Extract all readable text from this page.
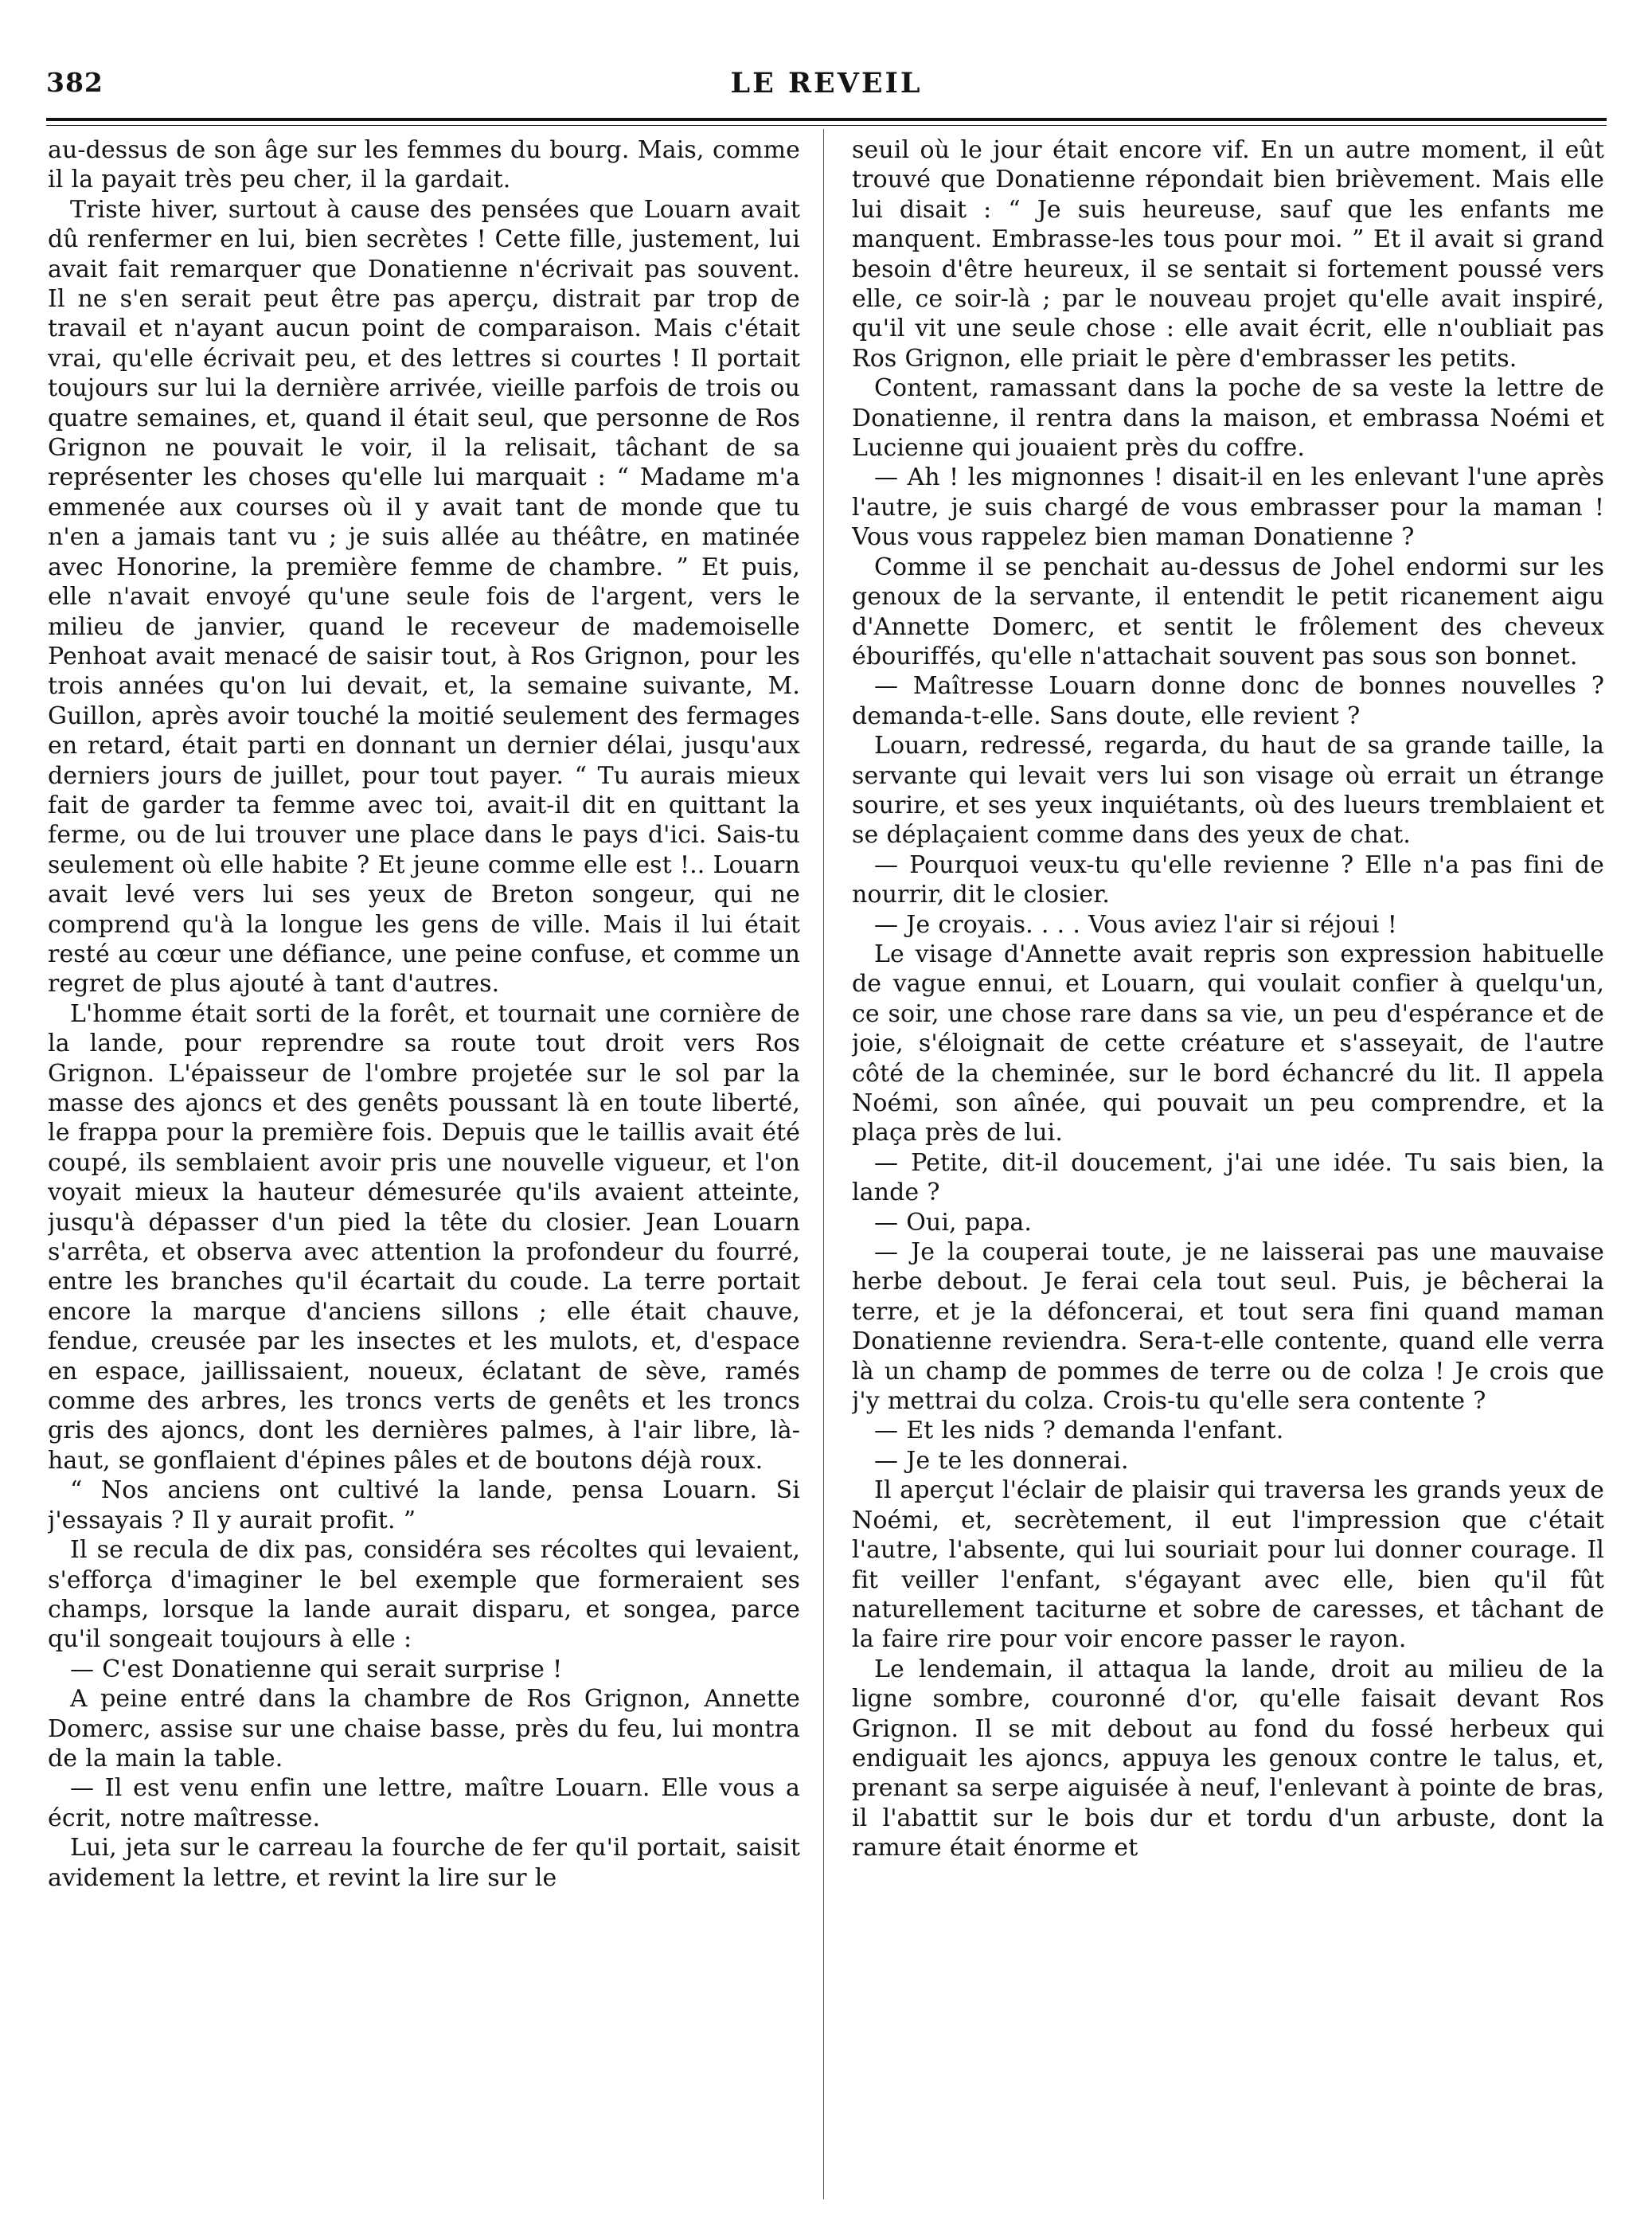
382	LE REVEIL

au-dessus de son âge sur les femmes du bourg. Mais, comme il la payait très peu cher, il la gardait.

Triste hiver, surtout à cause des pensées que Louarn avait dû renfermer en lui, bien secrètes ! Cette fille, justement, lui avait fait remarquer que Donatienne n'écrivait pas souvent. Il ne s'en serait peut être pas aperçu, distrait par trop de travail et n'ayant aucun point de comparaison. Mais c'était vrai, qu'elle écrivait peu, et des lettres si courtes ! Il portait toujours sur lui la dernière arrivée, vieille parfois de trois ou quatre semaines, et, quand il était seul, que personne de Ros Grignon ne pouvait le voir, il la relisait, tâchant de sa représenter les choses qu'elle lui marquait : “ Madame m'a emmenée aux courses où il y avait tant de monde que tu n'en a jamais tant vu ; je suis allée au théâtre, en matinée avec Honorine, la première femme de chambre. ” Et puis, elle n'avait envoyé qu'une seule fois de l'argent, vers le milieu de janvier, quand le receveur de mademoiselle Penhoat avait menacé de saisir tout, à Ros Grignon, pour les trois années qu'on lui devait, et, la semaine suivante, M. Guillon, après avoir touché la moitié seulement des fermages en retard, était parti en donnant un dernier délai, jusqu'aux derniers jours de juillet, pour tout payer. “ Tu aurais mieux fait de garder ta femme avec toi, avait-il dit en quittant la ferme, ou de lui trouver une place dans le pays d'ici. Sais-tu seulement où elle habite ? Et jeune comme elle est !.. Louarn avait levé vers lui ses yeux de Breton songeur, qui ne comprend qu'à la longue les gens de ville. Mais il lui était resté au cœur une défiance, une peine confuse, et comme un regret de plus ajouté à tant d'autres.

L'homme était sorti de la forêt, et tournait une cornière de la lande, pour reprendre sa route tout droit vers Ros Grignon. L'épaisseur de l'ombre projetée sur le sol par la masse des ajoncs et des genêts poussant là en toute liberté, le frappa pour la première fois. Depuis que le taillis avait été coupé, ils semblaient avoir pris une nouvelle vigueur, et l'on voyait mieux la hauteur démesurée qu'ils avaient atteinte, jusqu'à dépasser d'un pied la tête du closier. Jean Louarn s'arrêta, et observa avec attention la profondeur du fourré, entre les branches qu'il écartait du coude. La terre portait encore la marque d'anciens sillons ; elle était chauve, fendue, creusée par les insectes et les mulots, et, d'espace en espace, jaillissaient, noueux, éclatant de sève, ramés comme des arbres, les troncs verts de genêts et les troncs gris des ajoncs, dont les dernières palmes, à l'air libre, là-haut, se gonflaient d'épines pâles et de boutons déjà roux.

“ Nos anciens ont cultivé la lande, pensa Louarn. Si j'essayais ? Il y aurait profit. ”

Il se recula de dix pas, considéra ses récoltes qui levaient, s'efforça d'imaginer le bel exemple que formeraient ses champs, lorsque la lande aurait disparu, et songea, parce qu'il songeait toujours à elle :

— C'est Donatienne qui serait surprise !

A peine entré dans la chambre de Ros Grignon, Annette Domerc, assise sur une chaise basse, près du feu, lui montra de la main la table.

— Il est venu enfin une lettre, maître Louarn. Elle vous a écrit, notre maîtresse.

Lui, jeta sur le carreau la fourche de fer qu'il portait, saisit avidement la lettre, et revint la lire sur le

seuil où le jour était encore vif. En un autre moment, il eût trouvé que Donatienne répondait bien brièvement. Mais elle lui disait : “ Je suis heureuse, sauf que les enfants me manquent. Embrasse-les tous pour moi. ” Et il avait si grand besoin d'être heureux, il se sentait si fortement poussé vers elle, ce soir-là ; par le nouveau projet qu'elle avait inspiré, qu'il vit une seule chose : elle avait écrit, elle n'oubliait pas Ros Grignon, elle priait le père d'embrasser les petits.

Content, ramassant dans la poche de sa veste la lettre de Donatienne, il rentra dans la maison, et embrassa Noémi et Lucienne qui jouaient près du coffre.

— Ah ! les mignonnes ! disait-il en les enlevant l'une après l'autre, je suis chargé de vous embrasser pour la maman ! Vous vous rappelez bien maman Donatienne ?

Comme il se penchait au-dessus de Johel endormi sur les genoux de la servante, il entendit le petit ricanement aigu d'Annette Domerc, et sentit le frôlement des cheveux ébouriffés, qu'elle n'attachait souvent pas sous son bonnet.

— Maîtresse Louarn donne donc de bonnes nouvelles ? demanda-t-elle. Sans doute, elle revient ?

Louarn, redressé, regarda, du haut de sa grande taille, la servante qui levait vers lui son visage où errait un étrange sourire, et ses yeux inquiétants, où des lueurs tremblaient et se déplaçaient comme dans des yeux de chat.

— Pourquoi veux-tu qu'elle revienne ? Elle n'a pas fini de nourrir, dit le closier.

— Je croyais. . . . Vous aviez l'air si réjoui !

Le visage d'Annette avait repris son expression habituelle de vague ennui, et Louarn, qui voulait confier à quelqu'un, ce soir, une chose rare dans sa vie, un peu d'espérance et de joie, s'éloignait de cette créature et s'asseyait, de l'autre côté de la cheminée, sur le bord échancré du lit. Il appela Noémi, son aînée, qui pouvait un peu comprendre, et la plaça près de lui.

— Petite, dit-il doucement, j'ai une idée. Tu sais bien, la lande ?

— Oui, papa.

— Je la couperai toute, je ne laisserai pas une mauvaise herbe debout. Je ferai cela tout seul. Puis, je bêcherai la terre, et je la défoncerai, et tout sera fini quand maman Donatienne reviendra. Sera-t-elle contente, quand elle verra là un champ de pommes de terre ou de colza ! Je crois que j'y mettrai du colza. Crois-tu qu'elle sera contente ?

— Et les nids ? demanda l'enfant.

— Je te les donnerai.

Il aperçut l'éclair de plaisir qui traversa les grands yeux de Noémi, et, secrètement, il eut l'impression que c'était l'autre, l'absente, qui lui souriait pour lui donner courage. Il fit veiller l'enfant, s'égayant avec elle, bien qu'il fût naturellement taciturne et sobre de caresses, et tâchant de la faire rire pour voir encore passer le rayon.

Le lendemain, il attaqua la lande, droit au milieu de la ligne sombre, couronné d'or, qu'elle faisait devant Ros Grignon. Il se mit debout au fond du fossé herbeux qui endiguait les ajoncs, appuya les genoux contre le talus, et, prenant sa serpe aiguisée à neuf, l'enlevant à pointe de bras, il l'abattit sur le bois dur et tordu d'un arbuste, dont la ramure était énorme et
